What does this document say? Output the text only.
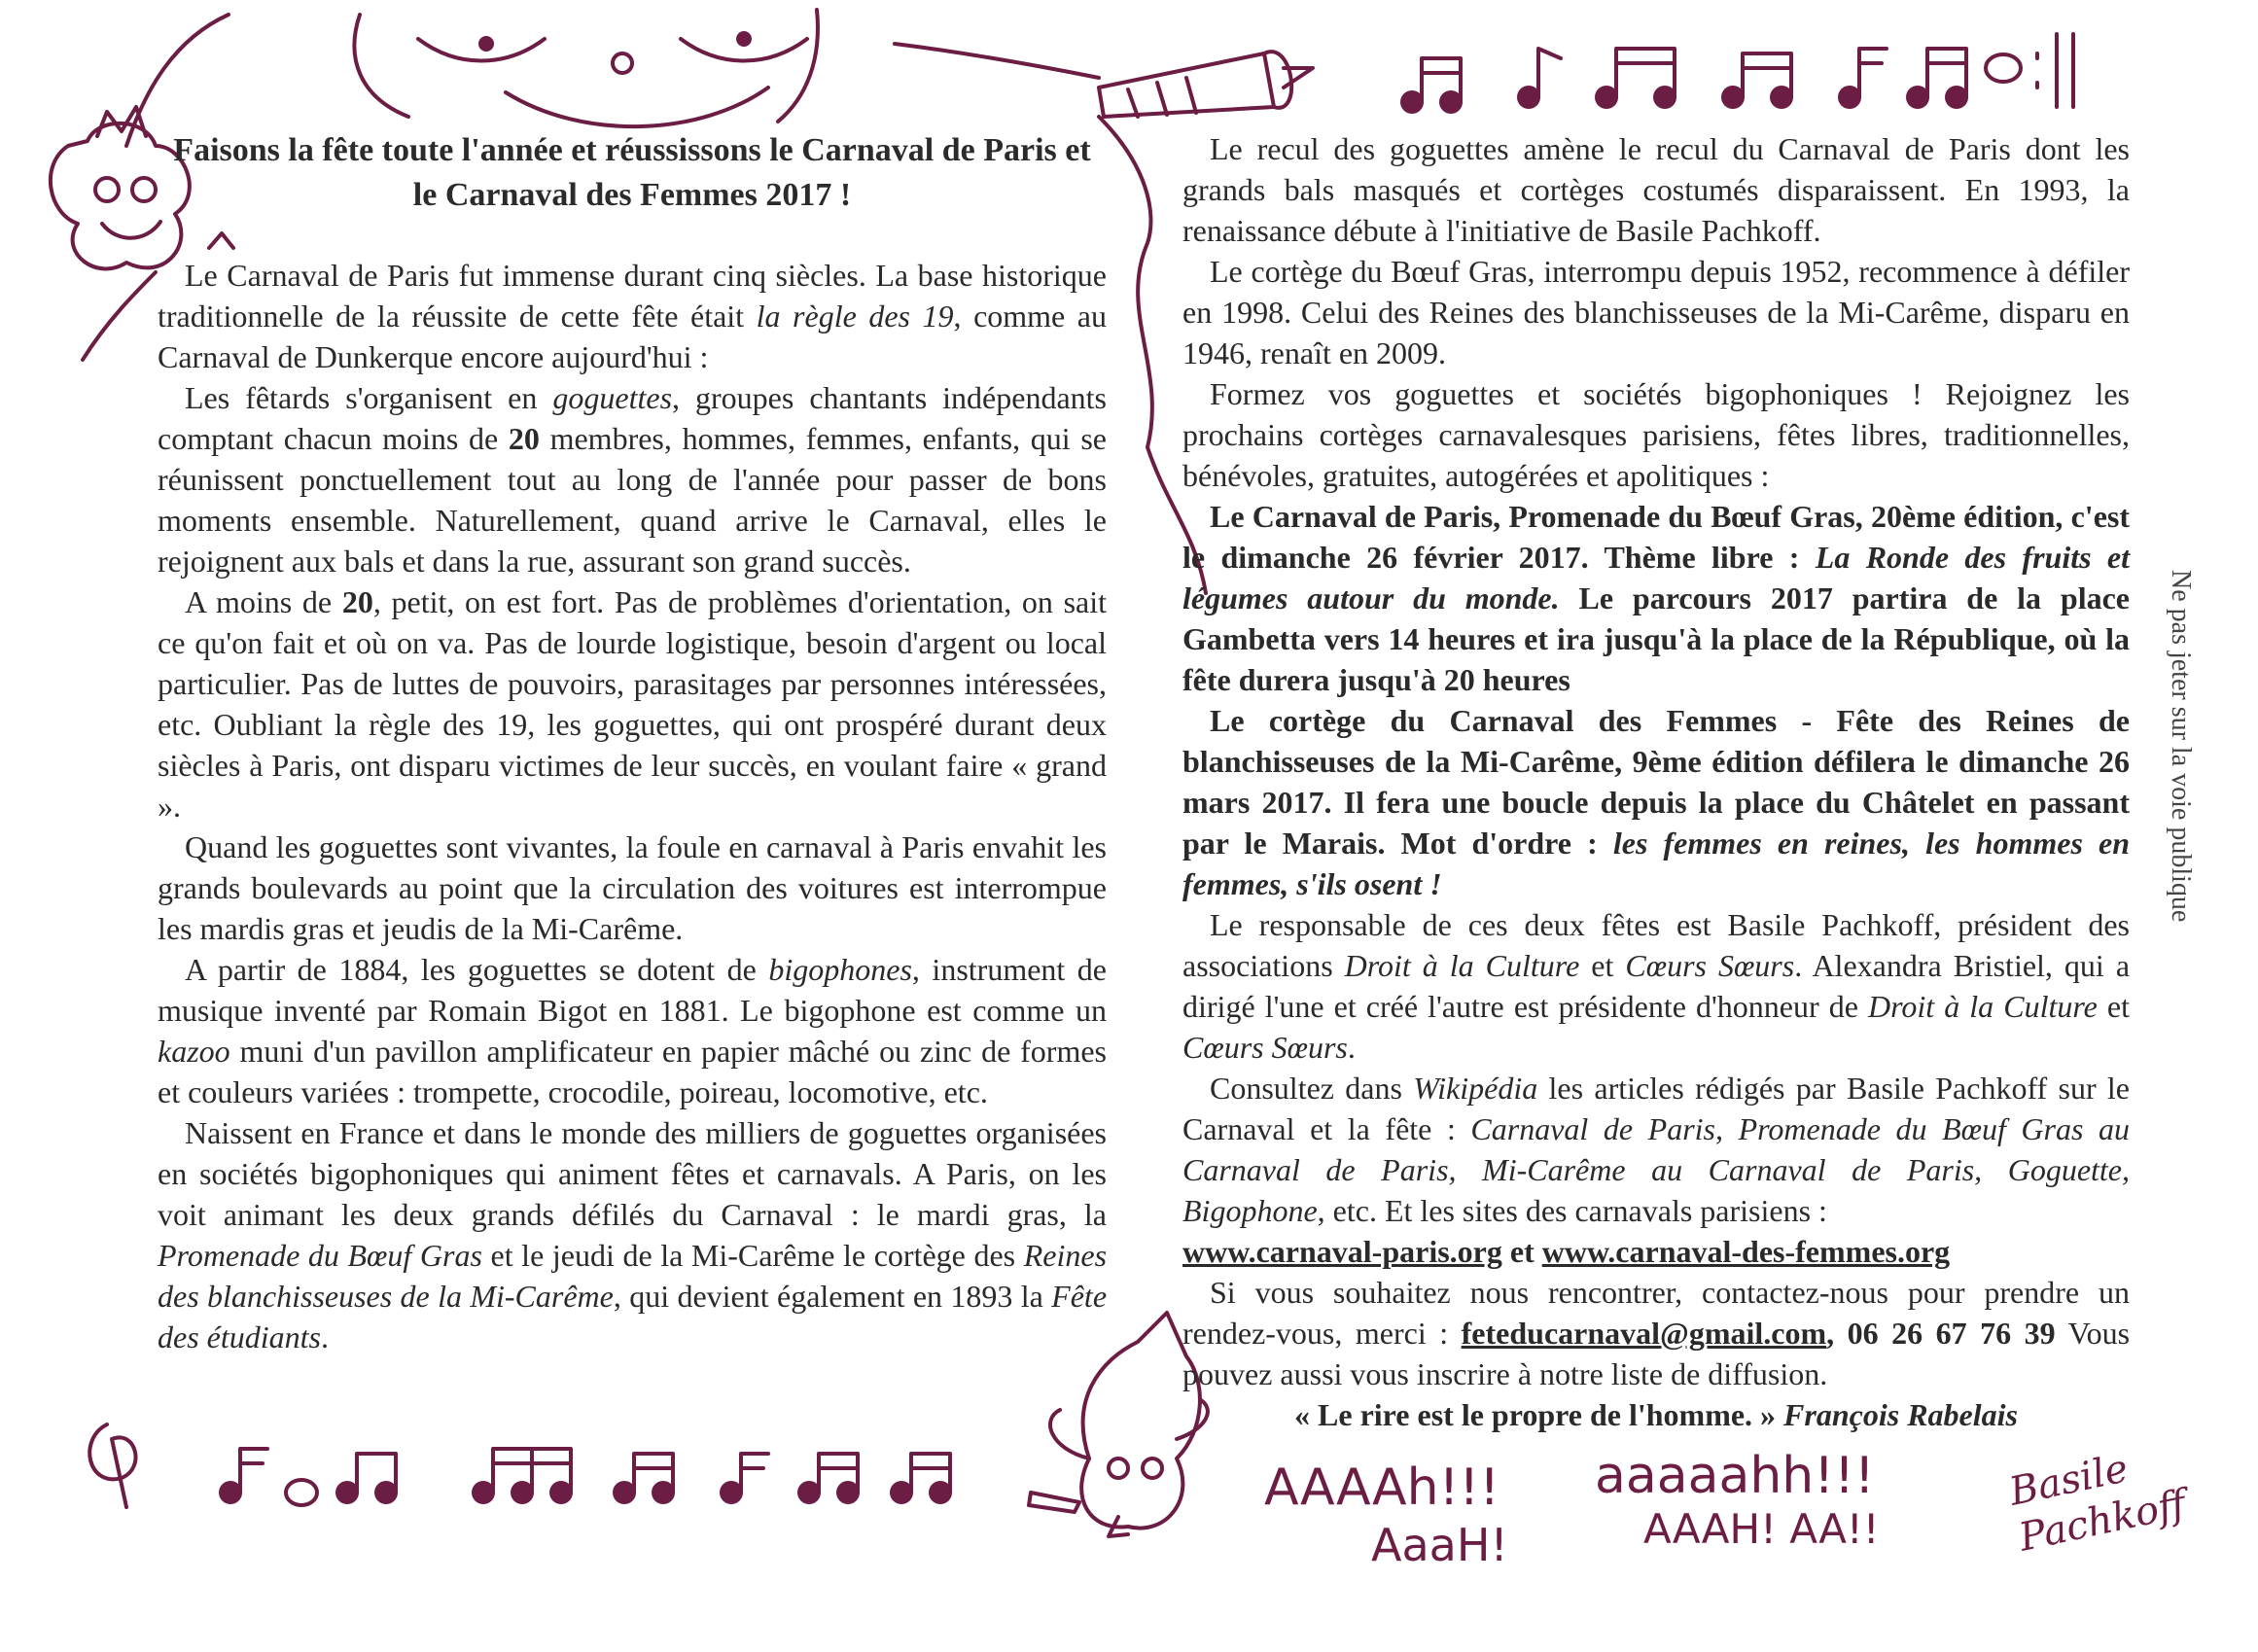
Faisons la fête toute l'année et réussissons le Carnaval de Paris et le Carnaval des Femmes 2017 !

Le Carnaval de Paris fut immense durant cinq siècles. La base historique traditionnelle de la réussite de cette fête était la règle des 19, comme au Carnaval de Dunkerque encore aujourd'hui :

Les fêtards s'organisent en goguettes, groupes chantants indépendants comptant chacun moins de 20 membres, hommes, femmes, enfants, qui se réunissent ponctuellement tout au long de l'année pour passer de bons moments ensemble. Naturellement, quand arrive le Carnaval, elles le rejoignent aux bals et dans la rue, assurant son grand succès.

A moins de 20, petit, on est fort. Pas de problèmes d'orientation, on sait ce qu'on fait et où on va. Pas de lourde logistique, besoin d'argent ou local particulier. Pas de luttes de pouvoirs, parasitages par personnes intéressées, etc. Oubliant la règle des 19, les goguettes, qui ont prospéré durant deux siècles à Paris, ont disparu victimes de leur succès, en voulant faire « grand ».

Quand les goguettes sont vivantes, la foule en carnaval à Paris envahit les grands boulevards au point que la circulation des voitures est interrompue les mardis gras et jeudis de la Mi-Carême.

A partir de 1884, les goguettes se dotent de bigophones, instrument de musique inventé par Romain Bigot en 1881. Le bigophone est comme un kazoo muni d'un pavillon amplificateur en papier mâché ou zinc de formes et couleurs variées : trompette, crocodile, poireau, locomotive, etc.

Naissent en France et dans le monde des milliers de goguettes organisées en sociétés bigophoniques qui animent fêtes et carnavals. A Paris, on les voit animant les deux grands défilés du Carnaval : le mardi gras, la Promenade du Bœuf Gras et le jeudi de la Mi-Carême le cortège des Reines des blanchisseuses de la Mi-Carême, qui devient également en 1893 la Fête des étudiants.

Le recul des goguettes amène le recul du Carnaval de Paris dont les grands bals masqués et cortèges costumés disparaissent. En 1993, la renaissance débute à l'initiative de Basile Pachkoff.

Le cortège du Bœuf Gras, interrompu depuis 1952, recommence à défiler en 1998. Celui des Reines des blanchisseuses de la Mi-Carême, disparu en 1946, renaît en 2009.

Formez vos goguettes et sociétés bigophoniques ! Rejoignez les prochains cortèges carnavalesques parisiens, fêtes libres, traditionnelles, bénévoles, gratuites, autogérées et apolitiques :

Le Carnaval de Paris, Promenade du Bœuf Gras, 20ème édition, c'est le dimanche 26 février 2017. Thème libre : La Ronde des fruits et légumes autour du monde. Le parcours 2017 partira de la place Gambetta vers 14 heures et ira jusqu'à la place de la République, où la fête durera jusqu'à 20 heures

Le cortège du Carnaval des Femmes - Fête des Reines de blanchisseuses de la Mi-Carême, 9ème édition défilera le dimanche 26 mars 2017. Il fera une boucle depuis la place du Châtelet en passant par le Marais. Mot d'ordre : les femmes en reines, les hommes en femmes, s'ils osent !

Le responsable de ces deux fêtes est Basile Pachkoff, président des associations Droit à la Culture et Cœurs Sœurs. Alexandra Bristiel, qui a dirigé l'une et créé l'autre est présidente d'honneur de Droit à la Culture et Cœurs Sœurs.

Consultez dans Wikipédia les articles rédigés par Basile Pachkoff sur le Carnaval et la fête : Carnaval de Paris, Promenade du Bœuf Gras au Carnaval de Paris, Mi-Carême au Carnaval de Paris, Goguette, Bigophone, etc. Et les sites des carnavals parisiens :
www.carnaval-paris.org et www.carnaval-des-femmes.org

Si vous souhaitez nous rencontrer, contactez-nous pour prendre un rendez-vous, merci : feteducarnaval@gmail.com, 06 26 67 76 39 Vous pouvez aussi vous inscrire à notre liste de diffusion.

« Le rire est le propre de l'homme. » François Rabelais

Ne pas jeter sur la voie publique
AAAAh!!!
AaaH!
aaaaahh!!!
AAAH! AA!!
Basile Pachkoff
